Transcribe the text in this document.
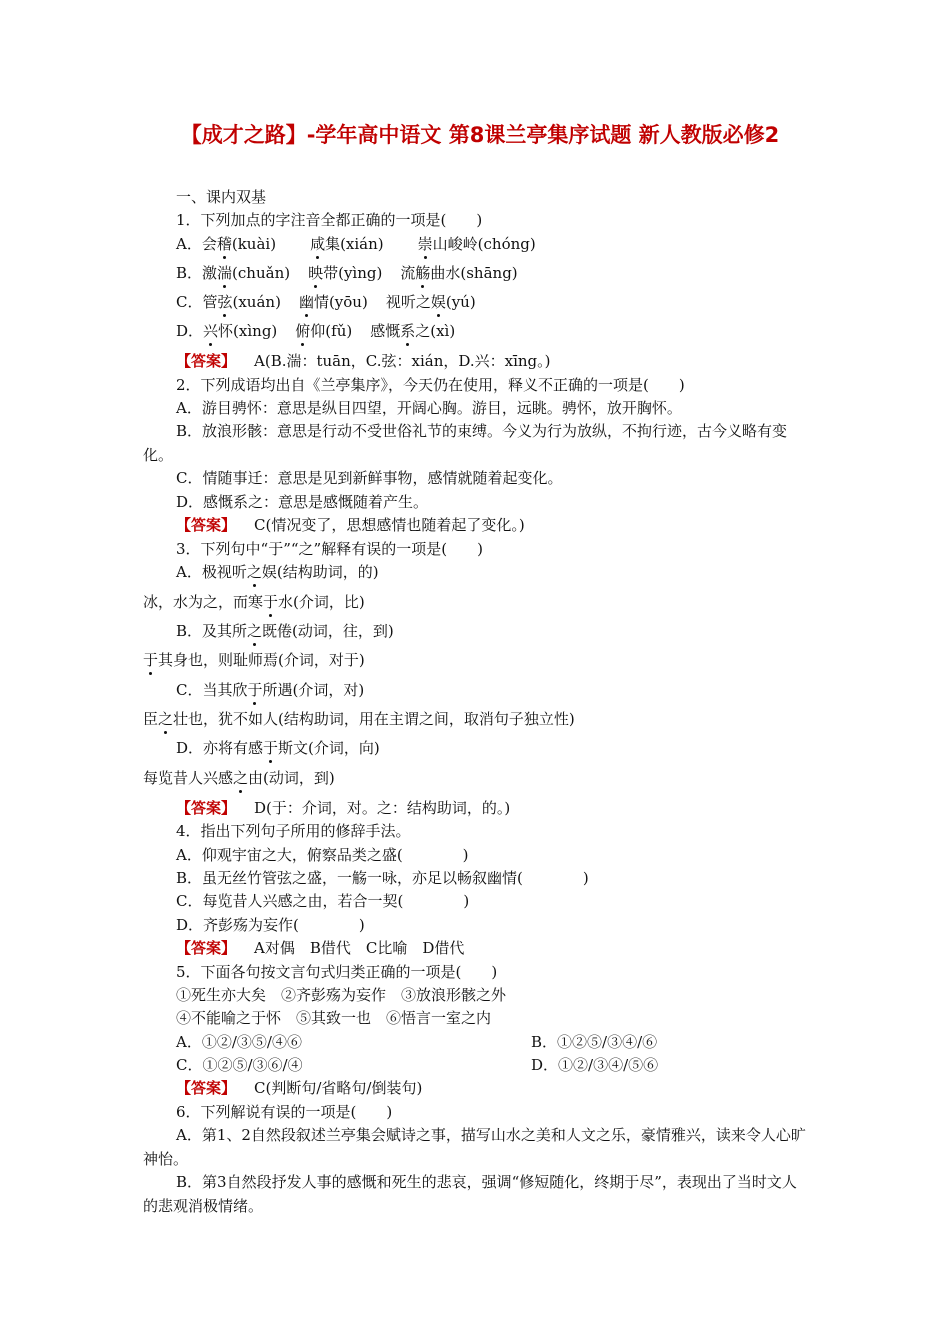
【成才之路】-学年高中语文 第8课兰亭集序试题 新人教版必修2
一、课内双基
1．下列加点的字注音全都正确的一项是(　　)
A．会稽(kuài) 咸集(xián) 崇山峻岭(chóng)
B．激湍(chuǎn) 映带(yìng) 流觞曲水(shāng)
C．管弦(xuán) 幽情(yōu) 视听之娱(yú)
D．兴怀(xìng) 俯仰(fǔ) 感慨系之(xì)
【答案】 A(B.湍：tuān，C.弦：xián，D.兴：xīng。)
2．下列成语均出自《兰亭集序》，今天仍在使用，释义不正确的一项是(　　)
A．游目骋怀：意思是纵目四望，开阔心胸。游目，远眺。骋怀，放开胸怀。
B．放浪形骸：意思是行动不受世俗礼节的束缚。今义为行为放纵，不拘行迹，古今义略有变化。
C．情随事迁：意思是见到新鲜事物，感情就随着起变化。
D．感慨系之：意思是感慨随着产生。
【答案】 C(情况变了，思想感情也随着起了变化。)
3．下列句中“于”“之”解释有误的一项是(　　)
A．极视听之娱(结构助词，的)
冰，水为之，而寒于水(介词，比)
B．及其所之既倦(动词，往，到)
于其身也，则耻师焉(介词，对于)
C．当其欣于所遇(介词，对)
臣之壮也，犹不如人(结构助词，用在主谓之间，取消句子独立性)
D．亦将有感于斯文(介词，向)
每览昔人兴感之由(动词，到)
【答案】 D(于：介词，对。之：结构助词，的。)
4．指出下列句子所用的修辞手法。
A．仰观宇宙之大，俯察品类之盛(　　　　)
B．虽无丝竹管弦之盛，一觞一咏，亦足以畅叙幽情(　　　　)
C．每览昔人兴感之由，若合一契(　　　　)
D．齐彭殇为妄作(　　　　)
【答案】 A对偶　B借代　C比喻　D借代
5．下面各句按文言句式归类正确的一项是(　　)
①死生亦大矣　②齐彭殇为妄作　③放浪形骸之外
④不能喻之于怀　⑤其致一也　⑥悟言一室之内
A．①②/③⑤/④⑥	B．①②⑤/③④/⑥
C．①②⑤/③⑥/④	D．①②/③④/⑤⑥
【答案】 C(判断句/省略句/倒装句)
6．下列解说有误的一项是(　　)
A．第1、2自然段叙述兰亭集会赋诗之事，描写山水之美和人文之乐，豪情雅兴，读来令人心旷神怡。
B．第3自然段抒发人事的感慨和死生的悲哀，强调“修短随化，终期于尽”，表现出了当时文人的悲观消极情绪。
